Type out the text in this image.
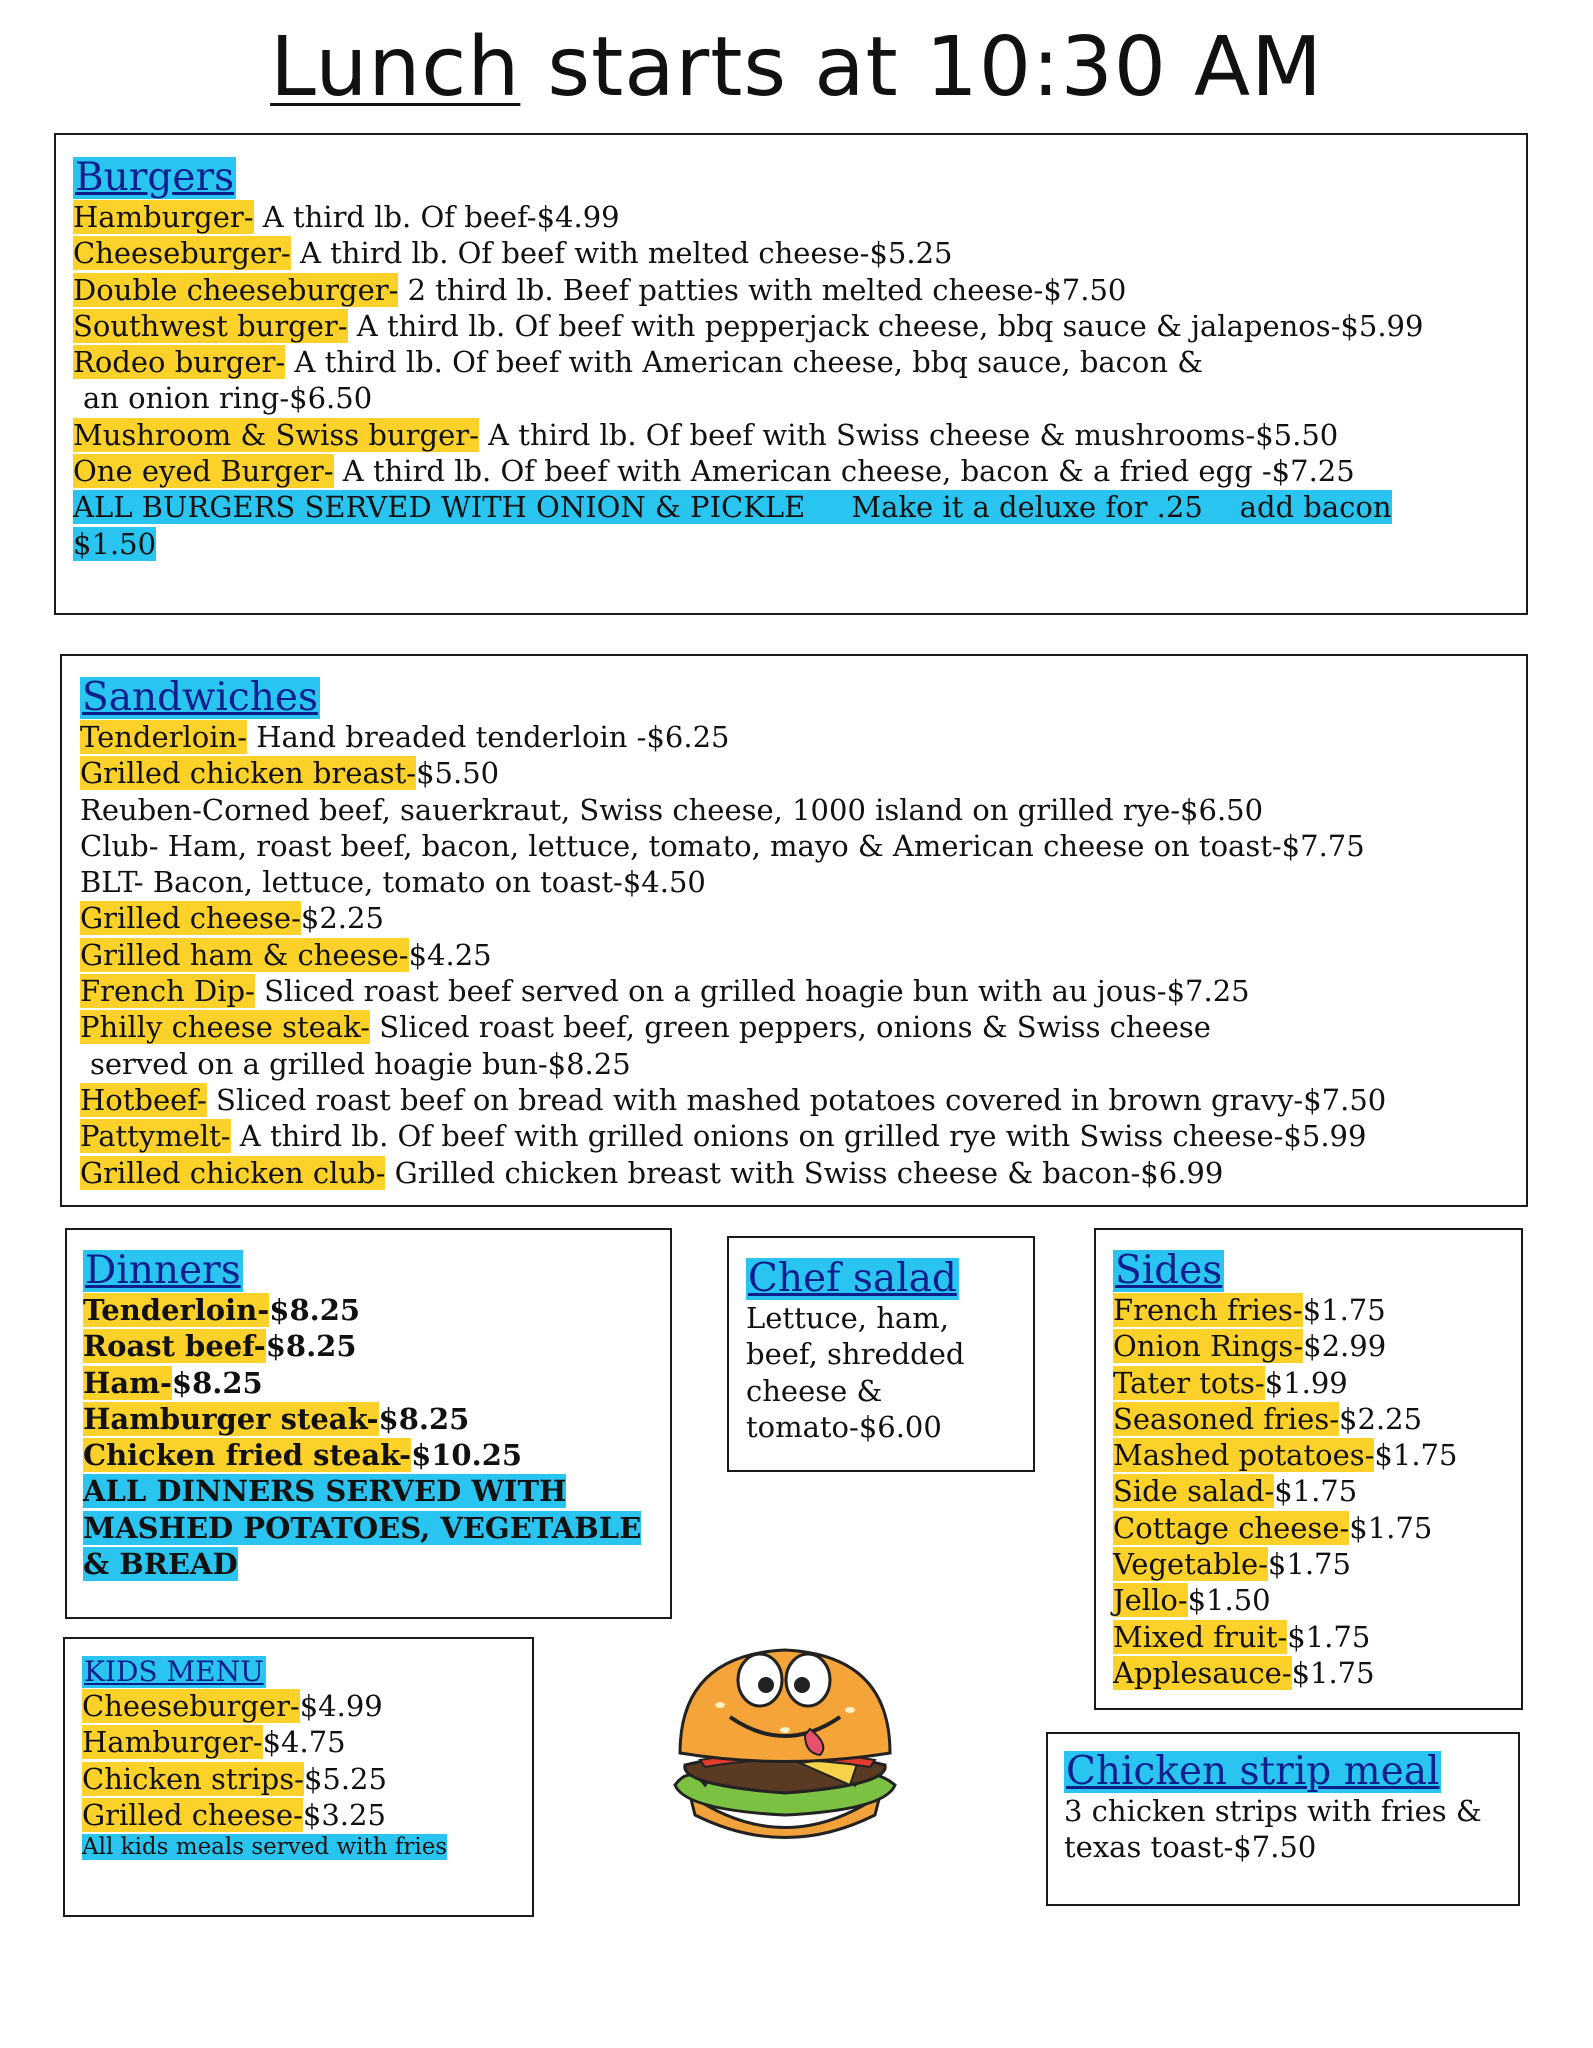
Lunch starts at 10:30 AM
Burgers
Hamburger- A third lb. Of beef-$4.99
Cheeseburger- A third lb. Of beef with melted cheese-$5.25
Double cheeseburger- 2 third lb. Beef patties with melted cheese-$7.50
Southwest burger- A third lb. Of beef with pepperjack cheese, bbq sauce & jalapenos-$5.99
Rodeo burger- A third lb. Of beef with American cheese, bbq sauce, bacon &
an onion ring-$6.50
Mushroom & Swiss burger- A third lb. Of beef with Swiss cheese & mushrooms-$5.50
One eyed Burger- A third lb. Of beef with American cheese, bacon & a fried egg -$7.25
ALL BURGERS SERVED WITH ONION & PICKLE     Make it a deluxe for .25    add bacon
$1.50
Sandwiches
Tenderloin- Hand breaded tenderloin -$6.25
Grilled chicken breast-$5.50
Reuben-Corned beef, sauerkraut, Swiss cheese, 1000 island on grilled rye-$6.50
Club- Ham, roast beef, bacon, lettuce, tomato, mayo & American cheese on toast-$7.75
BLT- Bacon, lettuce, tomato on toast-$4.50
Grilled cheese-$2.25
Grilled ham & cheese-$4.25
French Dip- Sliced roast beef served on a grilled hoagie bun with au jous-$7.25
Philly cheese steak- Sliced roast beef, green peppers, onions & Swiss cheese
served on a grilled hoagie bun-$8.25
Hotbeef- Sliced roast beef on bread with mashed potatoes covered in brown gravy-$7.50
Pattymelt- A third lb. Of beef with grilled onions on grilled rye with Swiss cheese-$5.99
Grilled chicken club- Grilled chicken breast with Swiss cheese & bacon-$6.99
Dinners
Tenderloin-$8.25
Roast beef-$8.25
Ham-$8.25
Hamburger steak-$8.25
Chicken fried steak-$10.25
ALL DINNERS SERVED WITH
MASHED POTATOES, VEGETABLE
& BREAD
Chef salad
Lettuce, ham,
beef, shredded
cheese &
tomato-$6.00
Sides
French fries-$1.75
Onion Rings-$2.99
Tater tots-$1.99
Seasoned fries-$2.25
Mashed potatoes-$1.75
Side salad-$1.75
Cottage cheese-$1.75
Vegetable-$1.75
Jello-$1.50
Mixed fruit-$1.75
Applesauce-$1.75
KIDS MENU
Cheeseburger-$4.99
Hamburger-$4.75
Chicken strips-$5.25
Grilled cheese-$3.25
All kids meals served with fries
Chicken strip meal
3 chicken strips with fries &
texas toast-$7.50
